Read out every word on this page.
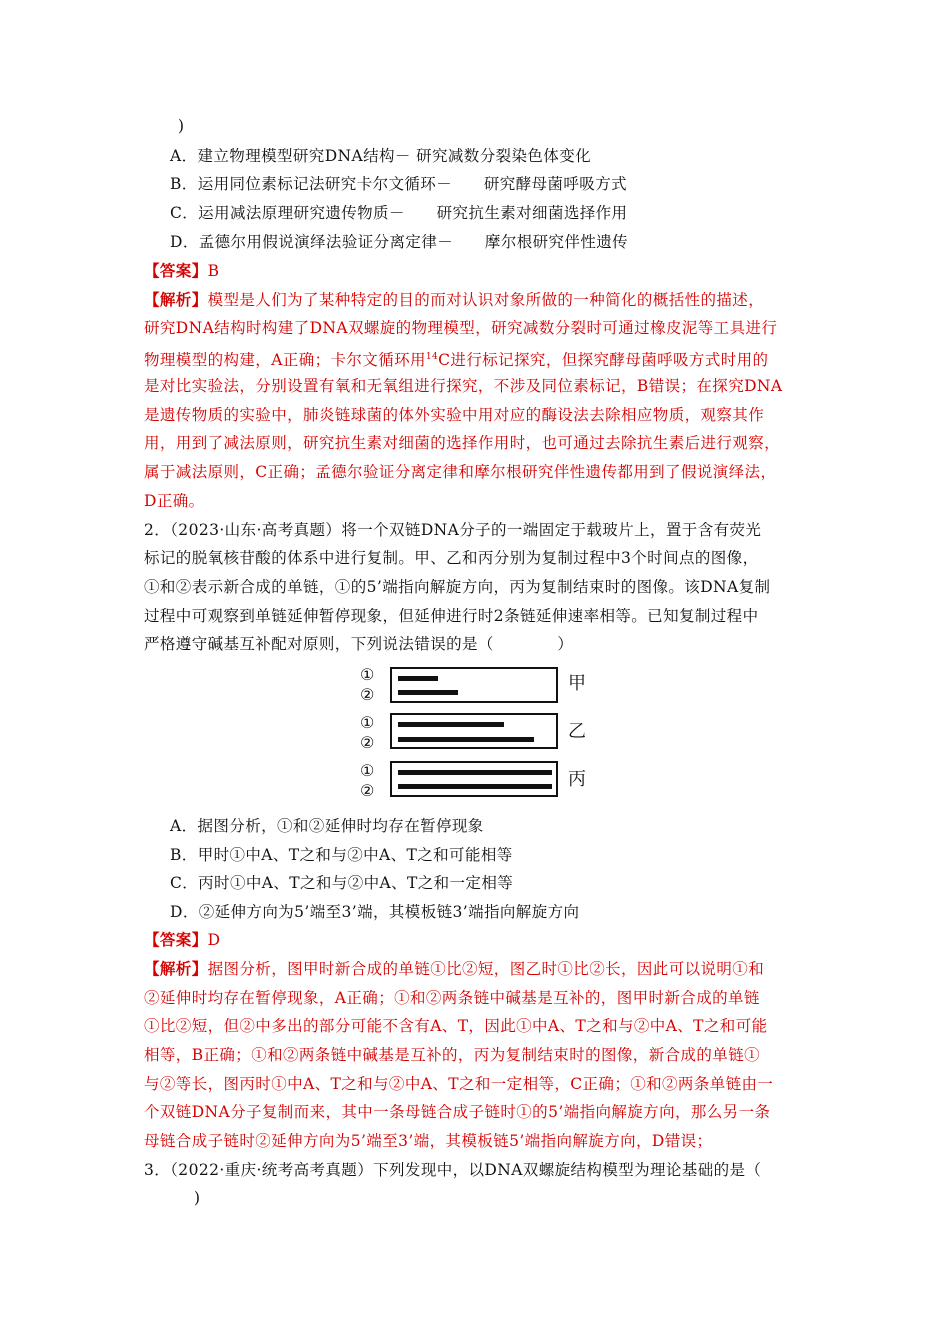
)
A．建立物理模型研究DNA结构－ 研究减数分裂染色体变化
B．运用同位素标记法研究卡尔文循环－　　研究酵母菌呼吸方式
C．运用减法原理研究遗传物质－　　研究抗生素对细菌选择作用
D．孟德尔用假说演绎法验证分离定律－　　摩尔根研究伴性遗传
【答案】B
【解析】模型是人们为了某种特定的目的而对认识对象所做的一种简化的概括性的描述，
研究DNA结构时构建了DNA双螺旋的物理模型，研究减数分裂时可通过橡皮泥等工具进行
物理模型的构建，A正确；卡尔文循环用$^{14}$C进行标记探究，但探究酵母菌呼吸方式时用的
是对比实验法，分别设置有氧和无氧组进行探究，不涉及同位素标记，B错误；在探究DNA
是遗传物质的实验中，肺炎链球菌的体外实验中用对应的酶设法去除相应物质，观察其作
用，用到了减法原则，研究抗生素对细菌的选择作用时，也可通过去除抗生素后进行观察，
属于减法原则，C正确；孟德尔验证分离定律和摩尔根研究伴性遗传都用到了假说演绎法，
D正确。
2．（2023·山东·高考真题）将一个双链DNA分子的一端固定于载玻片上，置于含有荧光
标记的脱氧核苷酸的体系中进行复制。甲、乙和丙分别为复制过程中3个时间点的图像，
①和②表示新合成的单链，①的5’端指向解旋方向，丙为复制结束时的图像。该DNA复制
过程中可观察到单链延伸暂停现象，但延伸进行时2条链延伸速率相等。已知复制过程中
严格遵守碱基互补配对原则，下列说法错误的是（　　　　）
①
②
甲
①
②
乙
①
②
丙
A．据图分析，①和②延伸时均存在暂停现象
B．甲时①中A、T之和与②中A、T之和可能相等
C．丙时①中A、T之和与②中A、T之和一定相等
D．②延伸方向为5’端至3’端，其模板链3’端指向解旋方向
【答案】D
【解析】据图分析，图甲时新合成的单链①比②短，图乙时①比②长，因此可以说明①和
②延伸时均存在暂停现象，A正确；①和②两条链中碱基是互补的，图甲时新合成的单链
①比②短，但②中多出的部分可能不含有A、T，因此①中A、T之和与②中A、T之和可能
相等，B正确；①和②两条链中碱基是互补的，丙为复制结束时的图像，新合成的单链①
与②等长，图丙时①中A、T之和与②中A、T之和一定相等，C正确；①和②两条单链由一
个双链DNA分子复制而来，其中一条母链合成子链时①的5’端指向解旋方向，那么另一条
母链合成子链时②延伸方向为5’端至3’端，其模板链5’端指向解旋方向，D错误；
3．（2022·重庆·统考高考真题）下列发现中，以DNA双螺旋结构模型为理论基础的是（
)
